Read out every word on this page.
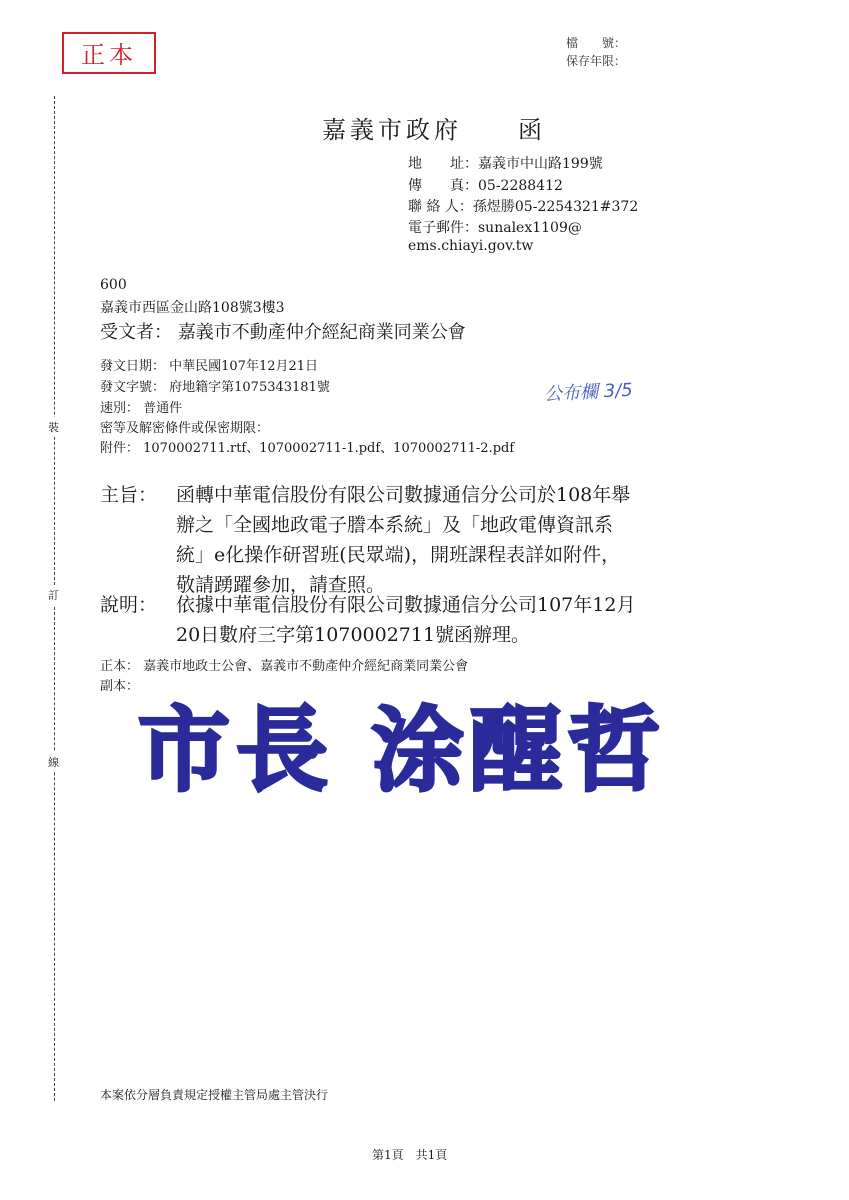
正本	檔　　號：
保存年限：
裝
訂
線
嘉義市政府　　函
地　　址：嘉義市中山路199號
傳　　真：05-2288412
聯 絡 人：孫煜勝05-2254321#372
電子郵件：sunalex1109@
ems.chiayi.gov.tw
600
嘉義市西區金山路108號3樓3
受文者： 嘉義市不動產仲介經紀商業同業公會
發文日期： 中華民國107年12月21日
發文字號： 府地籍字第1075343181號
速別： 普通件
密等及解密條件或保密期限：
附件： 1070002711.rtf、1070002711-1.pdf、1070002711-2.pdf
公布欄 3/5
主旨： 函轉中華電信股份有限公司數據通信分公司於108年舉
辦之「全國地政電子謄本系統」及「地政電傳資訊系
統」e化操作研習班(民眾端)，開班課程表詳如附件，
敬請踴躍參加，請查照。
說明： 依據中華電信股份有限公司數據通信分公司107年12月
20日數府三字第1070002711號函辦理。
正本： 嘉義市地政士公會、嘉義市不動產仲介經紀商業同業公會
副本：
市長 涂醒哲
本案依分層負責規定授權主管局處主管決行
第1頁　共1頁
